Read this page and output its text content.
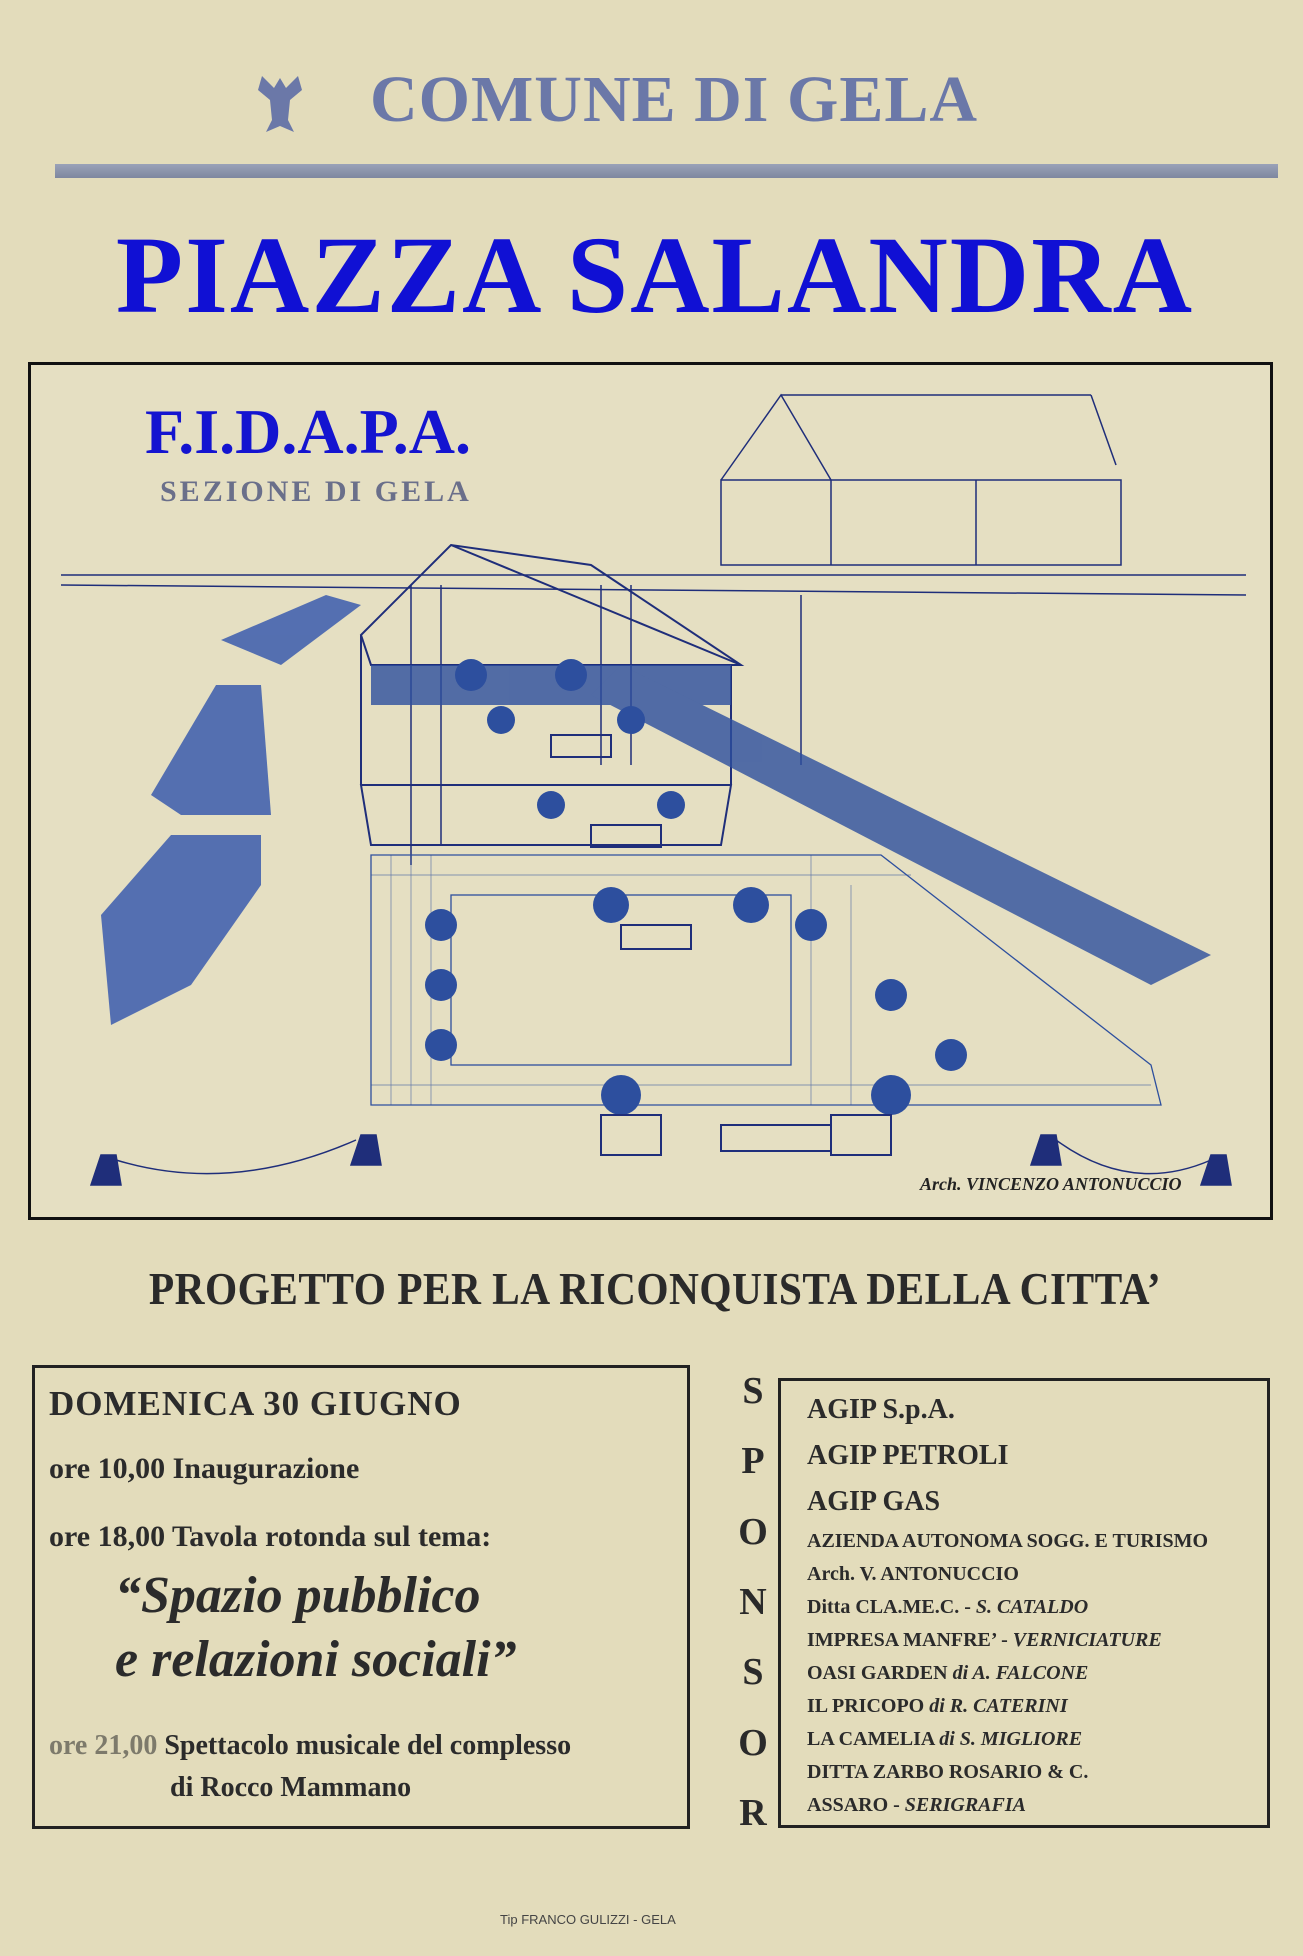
COMUNE DI GELA
PIAZZA SALANDRA
F.I.D.A.P.A.
SEZIONE DI GELA
Arch. VINCENZO ANTONUCCIO
PROGETTO PER LA RICONQUISTA DELLA CITTA’
DOMENICA 30 GIUGNO
ore 10,00 Inaugurazione
ore 18,00 Tavola rotonda sul tema:
“Spazio pubblico
e relazioni sociali”
ore 21,00 Spettacolo musicale del complesso
di Rocco Mammano
S
P
O
N
S
O
R
AGIP S.p.A.
AGIP PETROLI
AGIP GAS
AZIENDA AUTONOMA SOGG. E TURISMO
Arch. V. ANTONUCCIO
Ditta CLA.ME.C. - S. CATALDO
IMPRESA MANFRE’ - VERNICIATURE
OASI GARDEN di A. FALCONE
IL PRICOPO di R. CATERINI
LA CAMELIA di S. MIGLIORE
DITTA ZARBO ROSARIO & C.
ASSARO - SERIGRAFIA
Tip FRANCO GULIZZI - GELA
